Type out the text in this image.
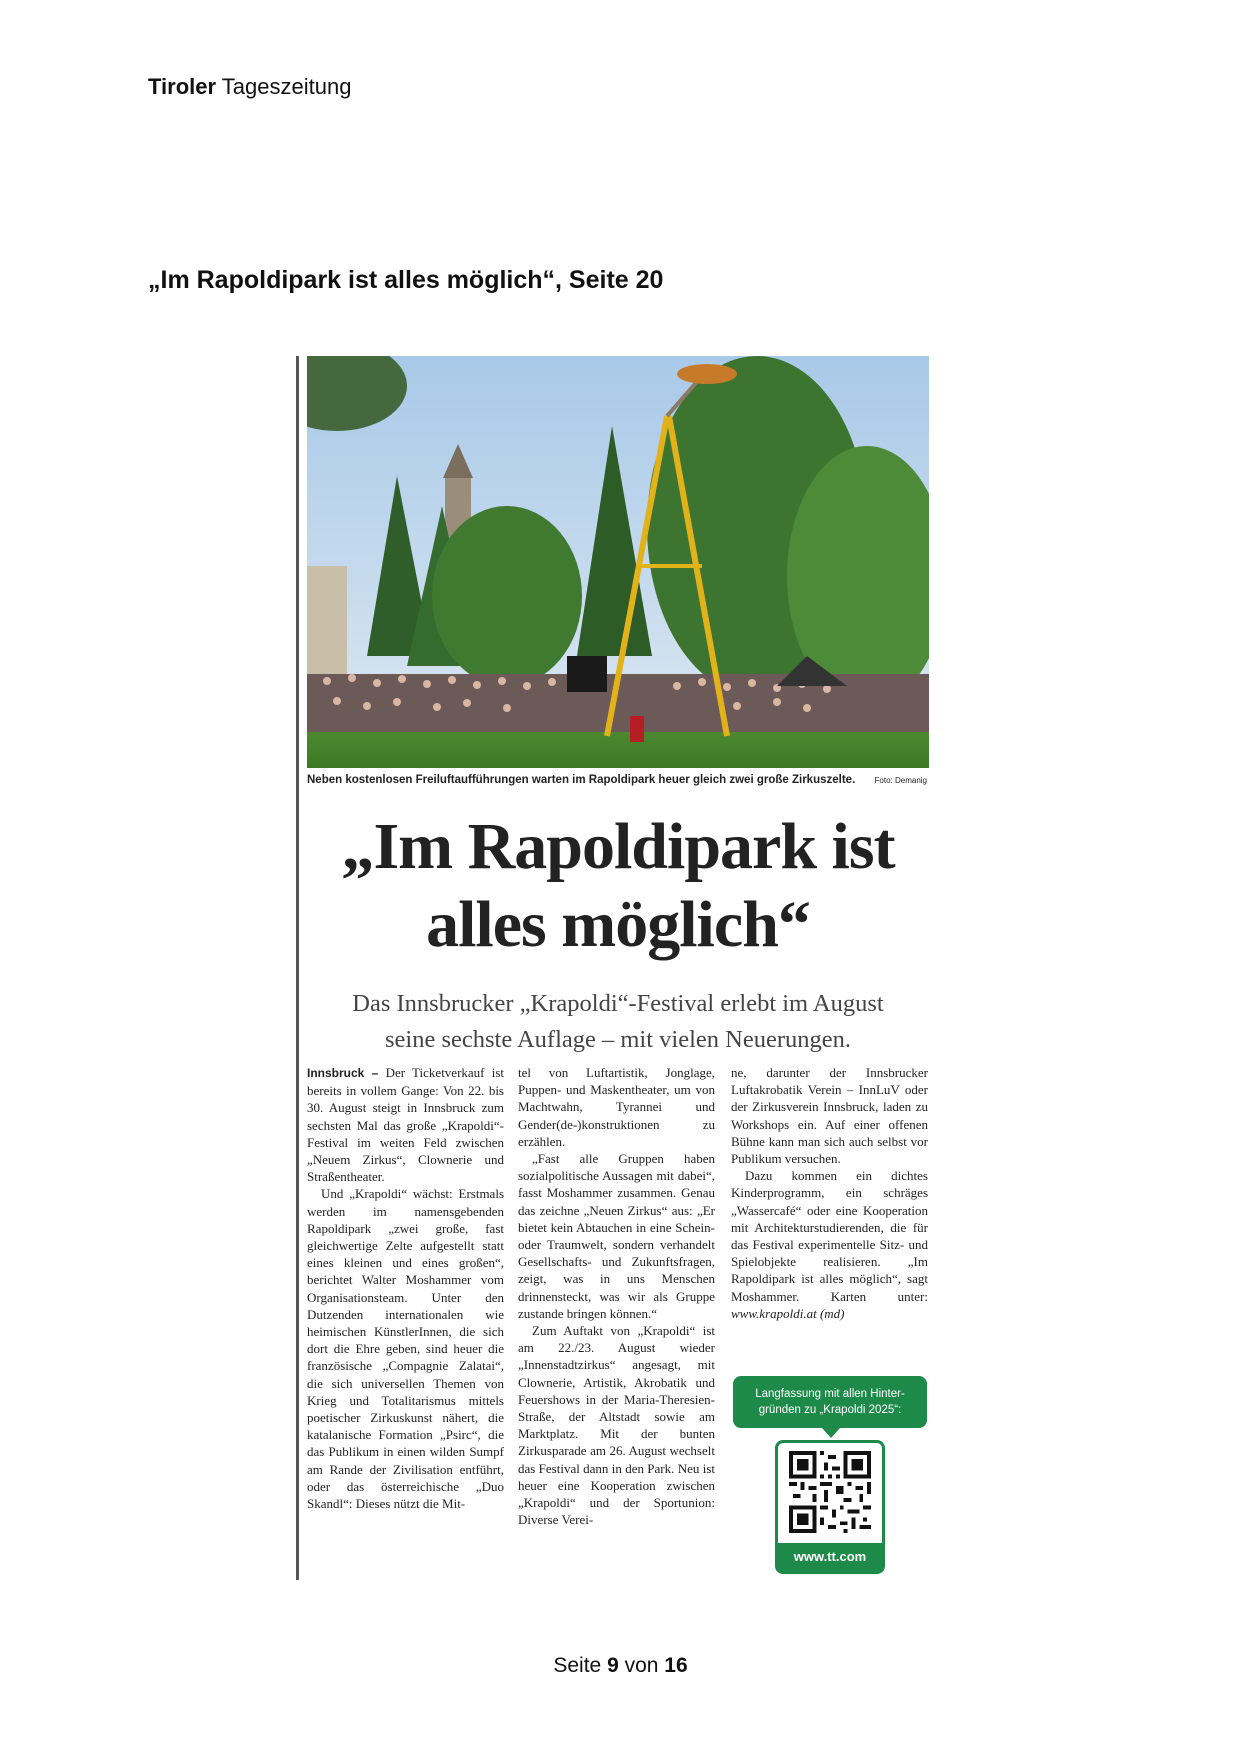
Tiroler Tageszeitung
„Im Rapoldipark ist alles möglich“, Seite 20
Neben kostenlosen Freiluftaufführungen warten im Rapoldipark heuer gleich zwei große Zirkuszelte. Foto: Demanig
„Im Rapoldipark ist
alles möglich“
Das Innsbrucker „Krapoldi“-Festival erlebt im August
seine sechste Auflage – mit vielen Neuerungen.

Innsbruck – Der Ticketverkauf ist bereits in vollem Gange: Von 22. bis 30. August steigt in Innsbruck zum sechsten Mal das große „Krapoldi“-Festival im weiten Feld zwischen „Neuem Zirkus“, Clownerie und Straßentheater.

Und „Krapoldi“ wächst: Erstmals werden im namensgebenden Rapoldipark „zwei große, fast gleichwertige Zelte aufgestellt statt eines kleinen und eines großen“, berichtet Walter Moshammer vom Organisationsteam. Unter den Dutzenden internationalen wie heimischen KünstlerInnen, die sich dort die Ehre geben, sind heuer die französische „Compagnie Zalatai“, die sich universellen Themen von Krieg und Totalitarismus mittels poetischer Zirkuskunst nähert, die katalanische Formation „Psirc“, die das Publikum in einen wilden Sumpf am Rande der Zivilisation entführt, oder das österreichische „Duo Skandl“: Dieses nützt die Mit-

tel von Luftartistik, Jonglage, Puppen- und Maskentheater, um von Machtwahn, Tyrannei und Gender(de-)konstruktionen zu erzählen.

„Fast alle Gruppen haben sozialpolitische Aussagen mit dabei“, fasst Moshammer zusammen. Genau das zeichne „Neuen Zirkus“ aus: „Er bietet kein Abtauchen in eine Schein- oder Traumwelt, sondern verhandelt Gesellschafts- und Zukunftsfragen, zeigt, was in uns Menschen drinnensteckt, was wir als Gruppe zustande bringen können.“

Zum Auftakt von „Krapoldi“ ist am 22./23. August wieder „Innenstadtzirkus“ angesagt, mit Clownerie, Artistik, Akrobatik und Feuershows in der Maria-Theresien-Straße, der Altstadt sowie am Marktplatz. Mit der bunten Zirkusparade am 26. August wechselt das Festival dann in den Park. Neu ist heuer eine Kooperation zwischen „Krapoldi“ und der Sportunion: Diverse Verei-

ne, darunter der Innsbrucker Luftakrobatik Verein – InnLuV oder der Zirkusverein Innsbruck, laden zu Workshops ein. Auf einer offenen Bühne kann man sich auch selbst vor Publikum versuchen.

Dazu kommen ein dichtes Kinderprogramm, ein schräges „Wassercafé“ oder eine Kooperation mit Architekturstudierenden, die für das Festival experimentelle Sitz- und Spielobjekte realisieren. „Im Rapoldipark ist alles möglich“, sagt Moshammer. Karten unter: www.krapoldi.at (md)

Langfassung mit allen Hinter-
gründen zu „Krapoldi 2025“:
www.tt.com
Seite 9 von 16
